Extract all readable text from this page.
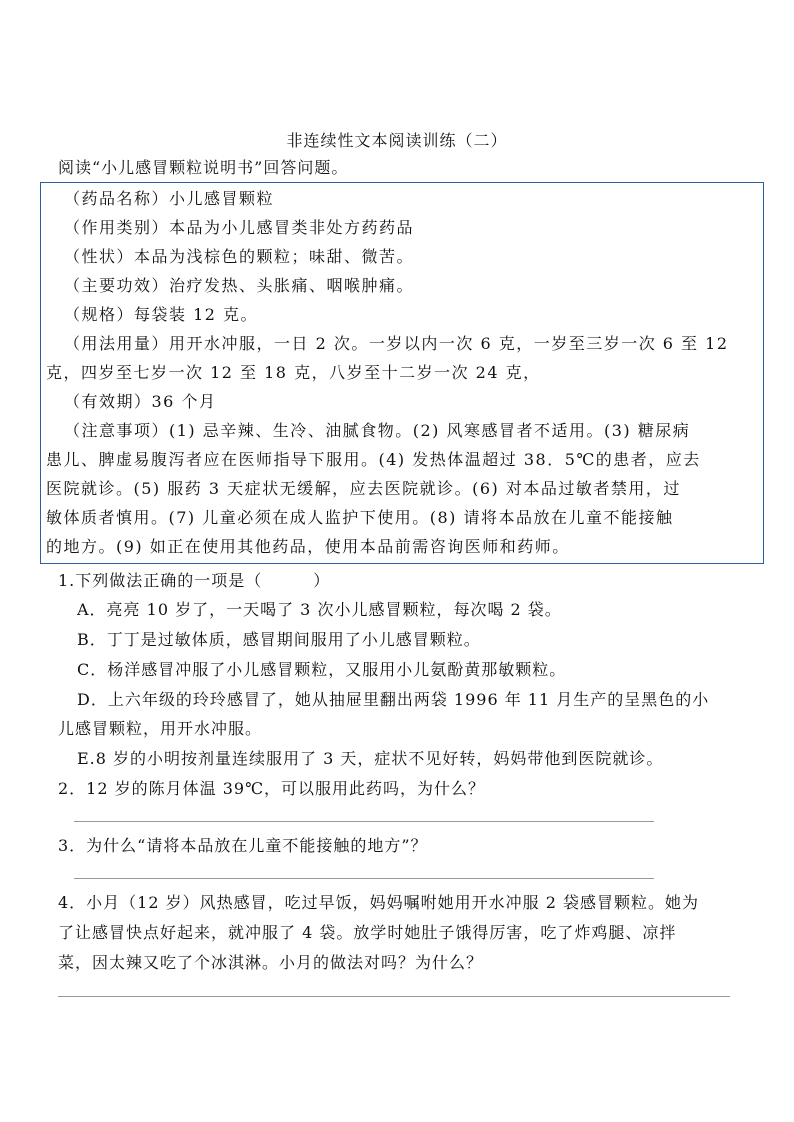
非连续性文本阅读训练（二）
阅读“小儿感冒颗粒说明书”回答问题。
（药品名称）小儿感冒颗粒
（作用类别）本品为小儿感冒类非处方药药品
（性状）本品为浅棕色的颗粒；味甜、微苦。
（主要功效）治疗发热、头胀痛、咽喉肿痛。
（规格）每袋装 12 克。
（用法用量）用开水冲服，一日 2 次。一岁以内一次 6 克，一岁至三岁一次 6 至 12
克，四岁至七岁一次 12 至 18 克，八岁至十二岁一次 24 克，
（有效期）36 个月
（注意事项）(1) 忌辛辣、生冷、油腻食物。(2) 风寒感冒者不适用。(3) 糖尿病
患儿、脾虚易腹泻者应在医师指导下服用。(4) 发热体温超过 38．5℃的患者，应去
医院就诊。(5) 服药 3 天症状无缓解，应去医院就诊。(6) 对本品过敏者禁用，过
敏体质者慎用。(7) 儿童必须在成人监护下使用。(8) 请将本品放在儿童不能接触
的地方。(9) 如正在使用其他药品，使用本品前需咨询医师和药师。
1.下列做法正确的一项是（　　　）
A．亮亮 10 岁了，一天喝了 3 次小儿感冒颗粒，每次喝 2 袋。
B．丁丁是过敏体质，感冒期间服用了小儿感冒颗粒。
C．杨洋感冒冲服了小儿感冒颗粒，又服用小儿氨酚黄那敏颗粒。
D．上六年级的玲玲感冒了，她从抽屉里翻出两袋 1996 年 11 月生产的呈黑色的小
儿感冒颗粒，用开水冲服。
E.8 岁的小明按剂量连续服用了 3 天，症状不见好转，妈妈带他到医院就诊。
2．12 岁的陈月体温 39℃，可以服用此药吗，为什么？
3．为什么“请将本品放在儿童不能接触的地方”？
4．小月（12 岁）风热感冒，吃过早饭，妈妈嘱咐她用开水冲服 2 袋感冒颗粒。她为
了让感冒快点好起来，就冲服了 4 袋。放学时她肚子饿得厉害，吃了炸鸡腿、凉拌
菜，因太辣又吃了个冰淇淋。小月的做法对吗？为什么？
